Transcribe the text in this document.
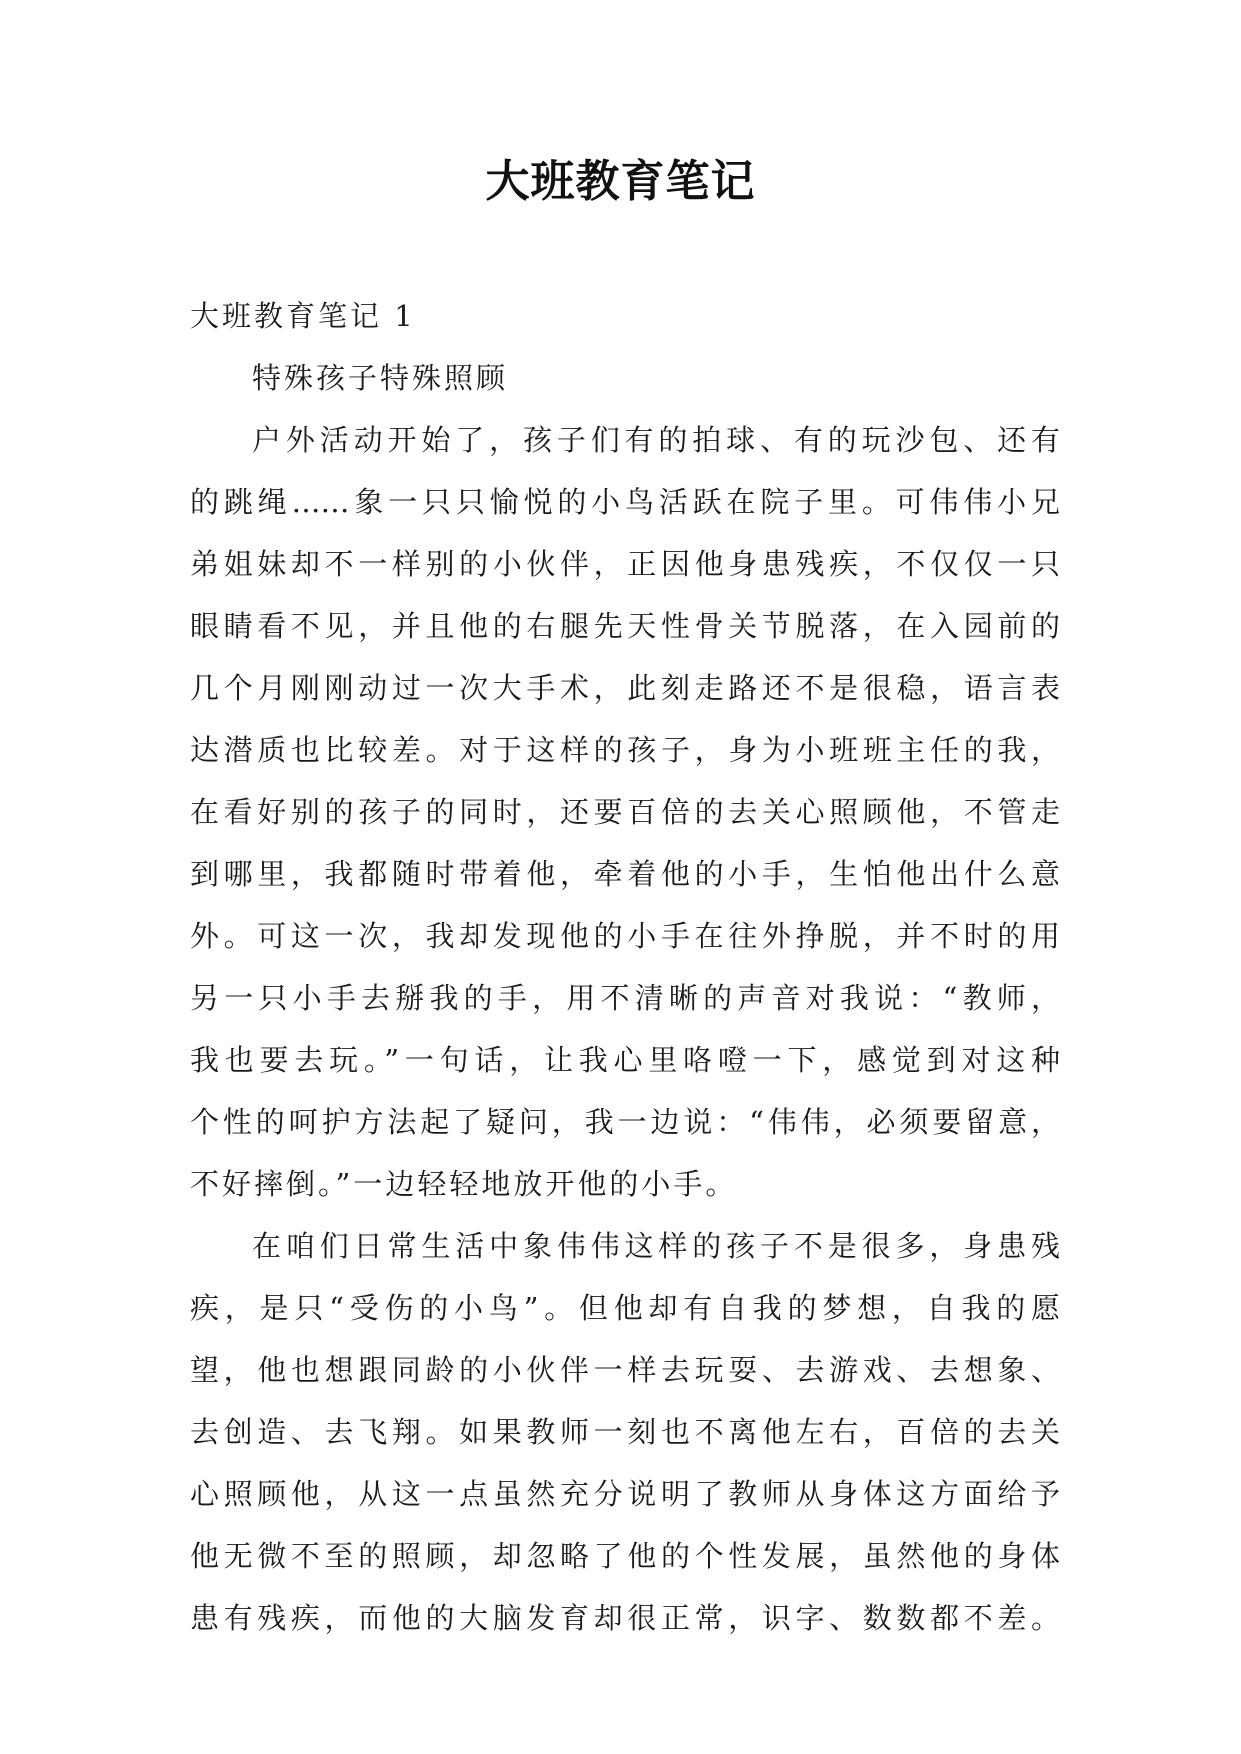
大班教育笔记

大班教育笔记 1

特殊孩子特殊照顾

户外活动开始了，孩子们有的拍球、有的玩沙包、还有
的跳绳……象一只只愉悦的小鸟活跃在院子里。可伟伟小兄
弟姐妹却不一样别的小伙伴，正因他身患残疾，不仅仅一只
眼睛看不见，并且他的右腿先天性骨关节脱落，在入园前的
几个月刚刚动过一次大手术，此刻走路还不是很稳，语言表
达潜质也比较差。对于这样的孩子，身为小班班主任的我，
在看好别的孩子的同时，还要百倍的去关心照顾他，不管走
到哪里，我都随时带着他，牵着他的小手，生怕他出什么意
外。可这一次，我却发现他的小手在往外挣脱，并不时的用
另一只小手去掰我的手，用不清晰的声音对我说：“教师，
我也要去玩。”一句话，让我心里咯噔一下，感觉到对这种
个性的呵护方法起了疑问，我一边说：“伟伟，必须要留意，
不好摔倒。”一边轻轻地放开他的小手。
在咱们日常生活中象伟伟这样的孩子不是很多，身患残
疾，是只“受伤的小鸟”。但他却有自我的梦想，自我的愿
望，他也想跟同龄的小伙伴一样去玩耍、去游戏、去想象、
去创造、去飞翔。如果教师一刻也不离他左右，百倍的去关
心照顾他，从这一点虽然充分说明了教师从身体这方面给予
他无微不至的照顾，却忽略了他的个性发展，虽然他的身体
患有残疾，而他的大脑发育却很正常，识字、数数都不差。
